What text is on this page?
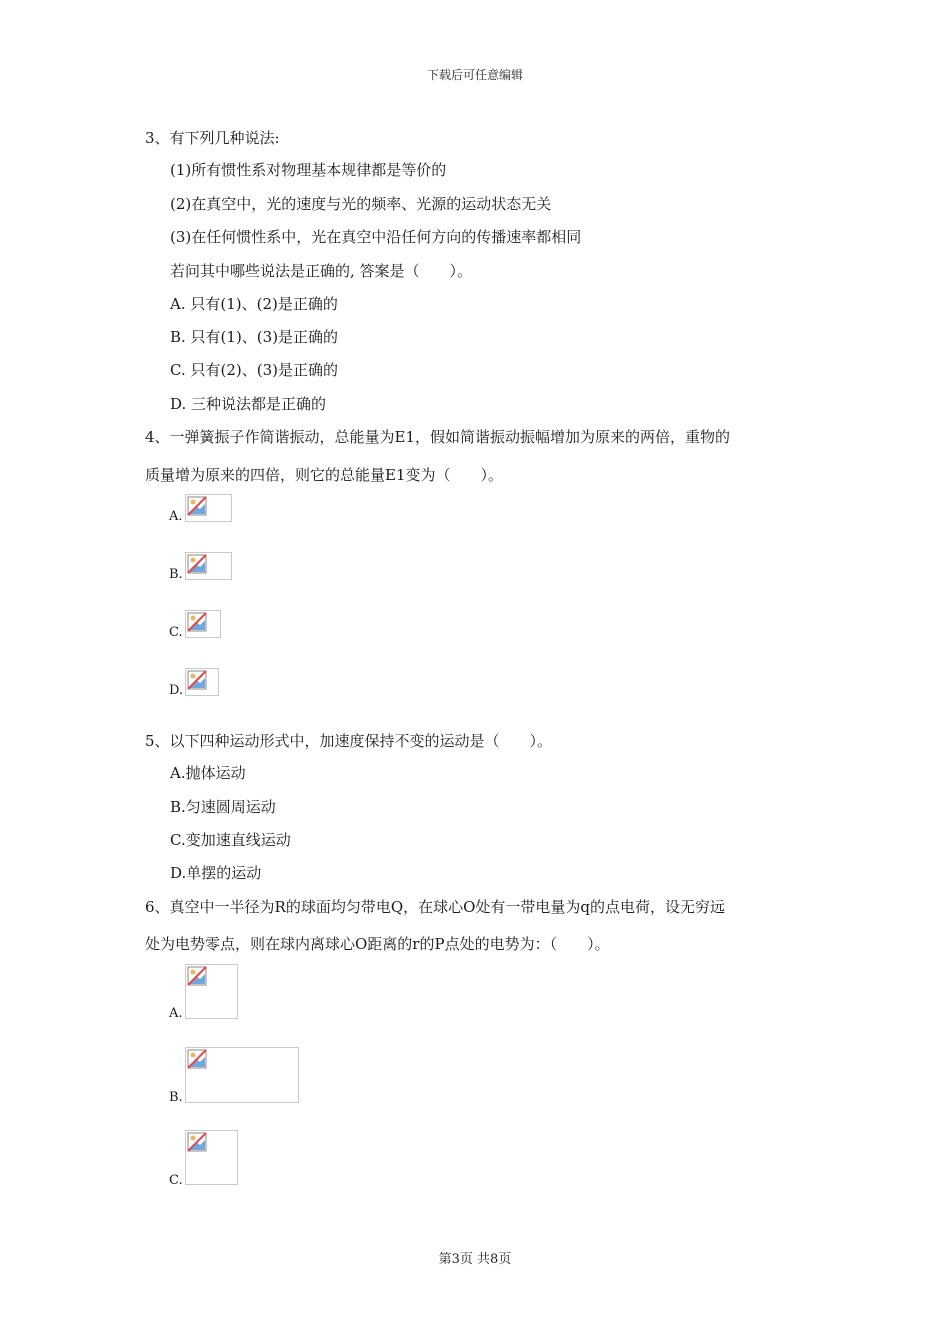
下载后可任意编辑
3、有下列几种说法:
(1)所有惯性系对物理基本规律都是等价的
(2)在真空中，光的速度与光的频率、光源的运动状态无关
(3)在任何惯性系中，光在真空中沿任何方向的传播速率都相同
若问其中哪些说法是正确的, 答案是（　　）。
A. 只有(1)、(2)是正确的
B. 只有(1)、(3)是正确的
C. 只有(2)、(3)是正确的
D. 三种说法都是正确的
4、一弹簧振子作简谐振动，总能量为E1，假如简谐振动振幅增加为原来的两倍，重物的
质量增为原来的四倍，则它的总能量E1变为（　　）。
A.
B.
C.
D.
5、以下四种运动形式中，加速度保持不变的运动是（　　）。
A.抛体运动
B.匀速圆周运动
C.变加速直线运动
D.单摆的运动
6、真空中一半径为R的球面均匀带电Q，在球心O处有一带电量为q的点电荷，设无穷远
处为电势零点，则在球内离球心O距离的r的P点处的电势为：（　　）。
A.
B.
C.
第3页 共8页
